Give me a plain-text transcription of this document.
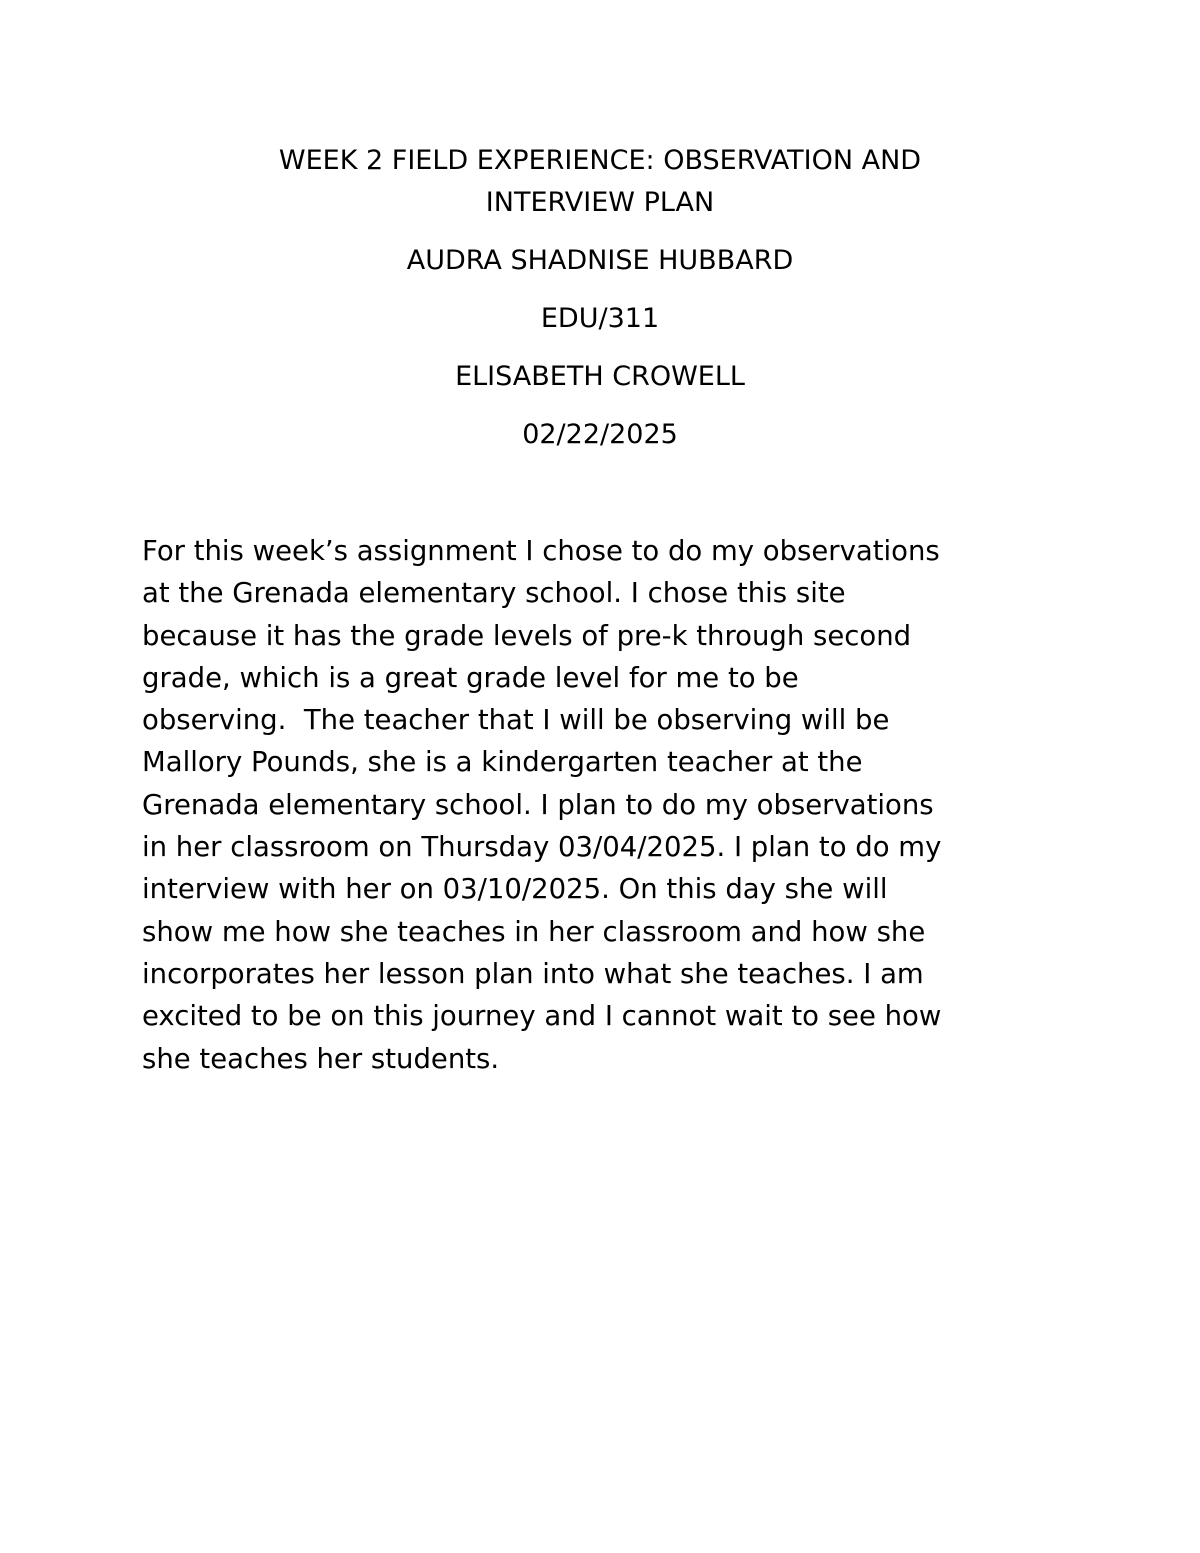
WEEK 2 FIELD EXPERIENCE: OBSERVATION AND
INTERVIEW PLAN
AUDRA SHADNISE HUBBARD
EDU/311
ELISABETH CROWELL
02/22/2025
For this week’s assignment I chose to do my observations
at the Grenada elementary school. I chose this site
because it has the grade levels of pre-k through second
grade, which is a great grade level for me to be
observing.  The teacher that I will be observing will be
Mallory Pounds, she is a kindergarten teacher at the
Grenada elementary school. I plan to do my observations
in her classroom on Thursday 03/04/2025. I plan to do my
interview with her on 03/10/2025. On this day she will
show me how she teaches in her classroom and how she
incorporates her lesson plan into what she teaches. I am
excited to be on this journey and I cannot wait to see how
she teaches her students.
